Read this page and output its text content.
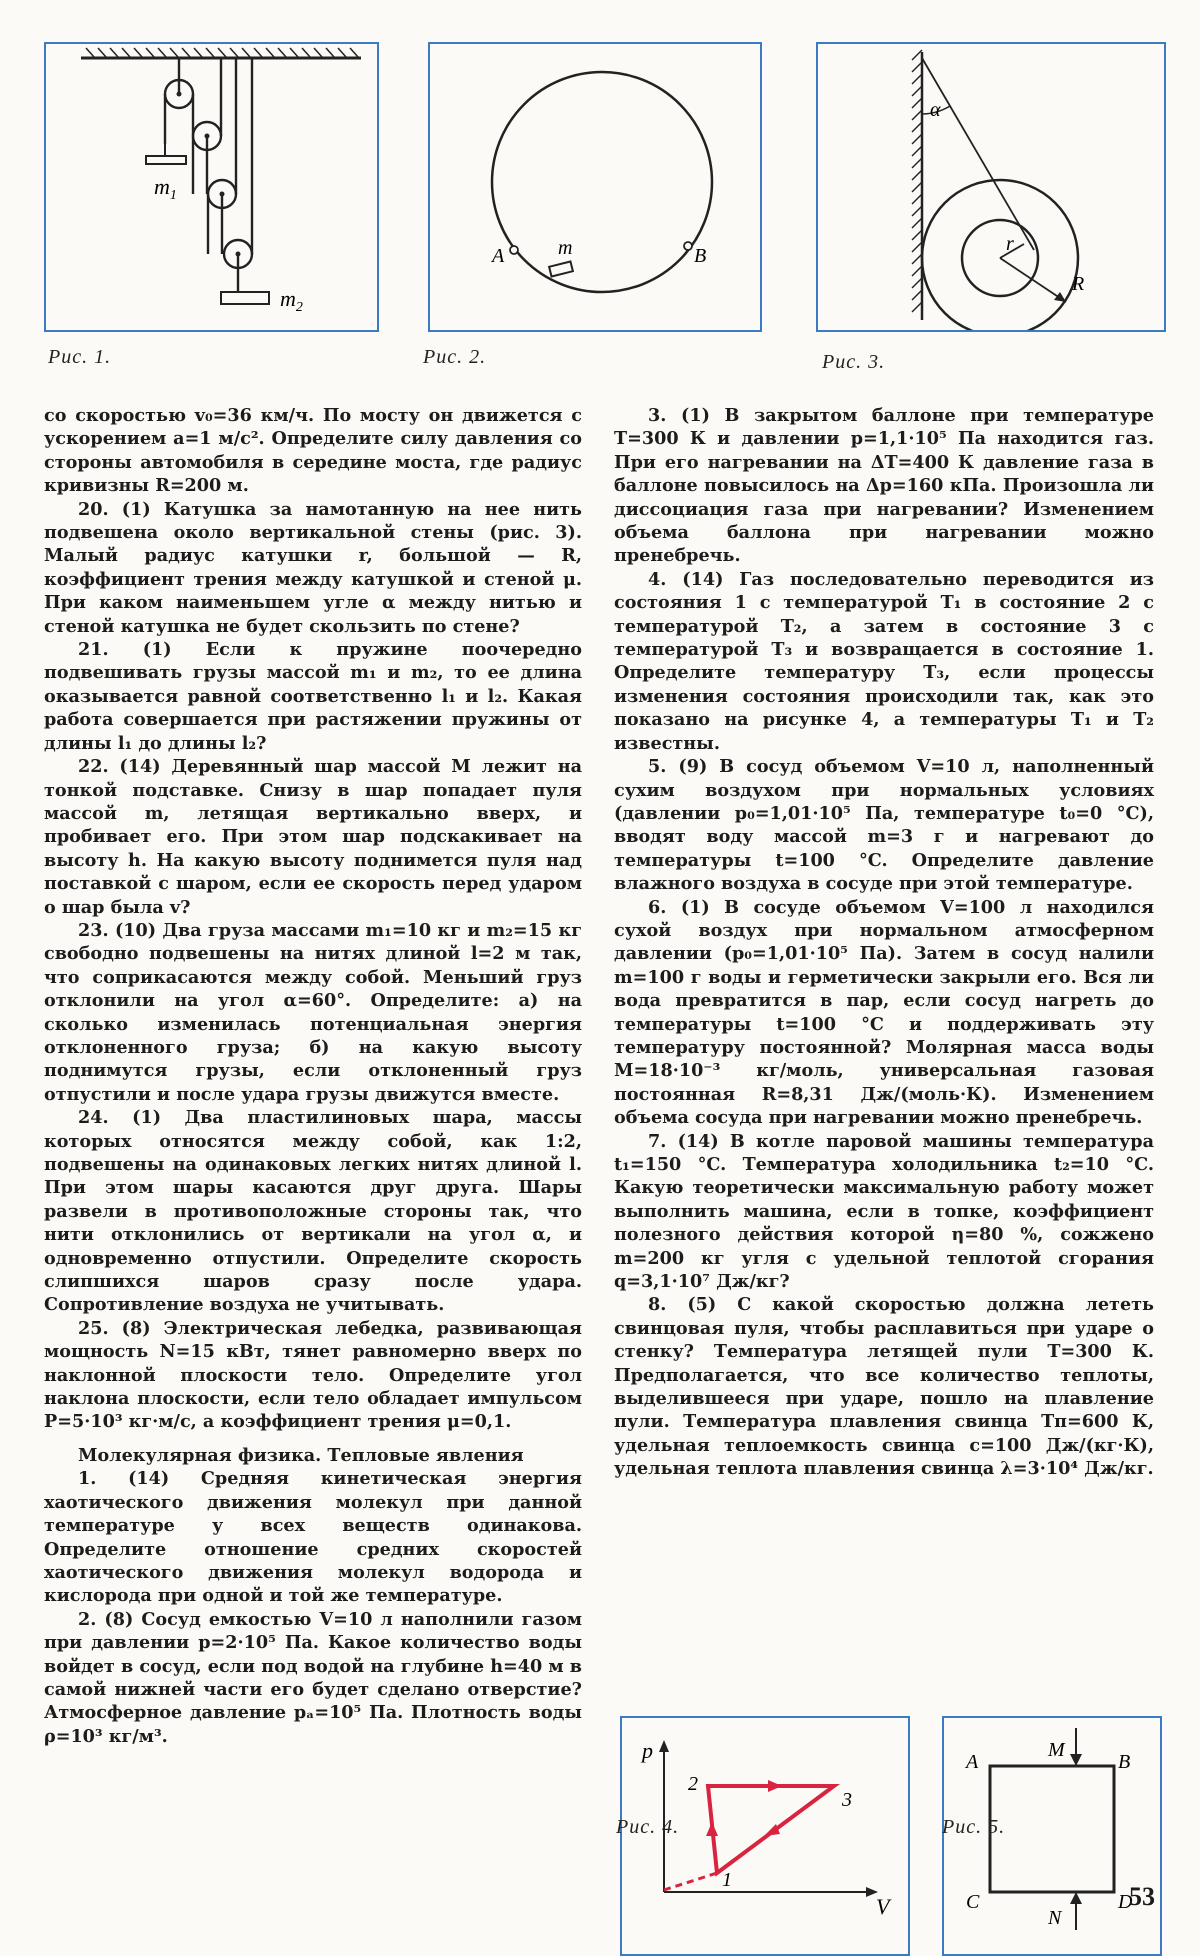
$m_1$
$m_2$
Рис. 1.
A	B
m
Рис. 2.
α
r
R
Рис. 3.

со скоростью v₀=36 км/ч. По мосту он движется с ускорением a=1 м/с². Определите силу давления со стороны автомобиля в середине моста, где радиус кривизны R=200 м.

20. (1) Катушка за намотанную на нее нить подвешена около вертикальной стены (рис. 3). Малый радиус катушки r, большой — R, коэффициент трения между катушкой и стеной μ. При каком наименьшем угле α между нитью и стеной катушка не будет скользить по стене?

21. (1) Если к пружине поочередно подвешивать грузы массой m₁ и m₂, то ее длина оказывается равной соответственно l₁ и l₂. Какая работа совершается при растяжении пружины от длины l₁ до длины l₂?

22. (14) Деревянный шар массой M лежит на тонкой подставке. Снизу в шар попадает пуля массой m, летящая вертикально вверх, и пробивает его. При этом шар подскакивает на высоту h. На какую высоту поднимется пуля над поставкой с шаром, если ее скорость перед ударом о шар была v?

23. (10) Два груза массами m₁=10 кг и m₂=15 кг свободно подвешены на нитях длиной l=2 м так, что соприкасаются между собой. Меньший груз отклонили на угол α=60°. Определите: а) на сколько изменилась потенциальная энергия отклоненного груза; б) на какую высоту поднимутся грузы, если отклоненный груз отпустили и после удара грузы движутся вместе.

24. (1) Два пластилиновых шара, массы которых относятся между собой, как 1:2, подвешены на одинаковых легких нитях длиной l. При этом шары касаются друг друга. Шары развели в противоположные стороны так, что нити отклонились от вертикали на угол α, и одновременно отпустили. Определите скорость слипшихся шаров сразу после удара. Сопротивление воздуха не учитывать.

25. (8) Электрическая лебедка, развивающая мощность N=15 кВт, тянет равномерно вверх по наклонной плоскости тело. Определите угол наклона плоскости, если тело обладает импульсом P=5·10³ кг·м/с, а коэффициент трения μ=0,1.

Молекулярная физика. Тепловые явления

1. (14) Средняя кинетическая энергия хаотического движения молекул при данной температуре у всех веществ одинакова. Определите отношение средних скоростей хаотического движения молекул водорода и кислорода при одной и той же температуре.

2. (8) Сосуд емкостью V=10 л наполнили газом при давлении p=2·10⁵ Па. Какое количество воды войдет в сосуд, если под водой на глубине h=40 м в самой нижней части его будет сделано отверстие? Атмосферное давление pₐ=10⁵ Па. Плотность воды ρ=10³ кг/м³.

3. (1) В закрытом баллоне при температуре T=300 К и давлении p=1,1·10⁵ Па находится газ. При его нагревании на ΔT=400 К давление газа в баллоне повысилось на Δp=160 кПа. Произошла ли диссоциация газа при нагревании? Изменением объема баллона при нагревании можно пренебречь.

4. (14) Газ последовательно переводится из состояния 1 с температурой T₁ в состояние 2 с температурой T₂, а затем в состояние 3 с температурой T₃ и возвращается в состояние 1. Определите температуру T₃, если процессы изменения состояния происходили так, как это показано на рисунке 4, а температуры T₁ и T₂ известны.

5. (9) В сосуд объемом V=10 л, наполненный сухим воздухом при нормальных условиях (давлении p₀=1,01·10⁵ Па, температуре t₀=0 °C), вводят воду массой m=3 г и нагревают до температуры t=100 °C. Определите давление влажного воздуха в сосуде при этой температуре.

6. (1) В сосуде объемом V=100 л находился сухой воздух при нормальном атмосферном давлении (p₀=1,01·10⁵ Па). Затем в сосуд налили m=100 г воды и герметически закрыли его. Вся ли вода превратится в пар, если сосуд нагреть до температуры t=100 °C и поддерживать эту температуру постоянной? Молярная масса воды M=18·10⁻³ кг/моль, универсальная газовая постоянная R=8,31 Дж/(моль·К). Изменением объема сосуда при нагревании можно пренебречь.

7. (14) В котле паровой машины температура t₁=150 °C. Температура холодильника t₂=10 °C. Какую теоретически максимальную работу может выполнить машина, если в топке, коэффициент полезного действия которой η=80 %, сожжено m=200 кг угля с удельной теплотой сгорания q=3,1·10⁷ Дж/кг?

8. (5) С какой скоростью должна лететь свинцовая пуля, чтобы расплавиться при ударе о стенку? Температура летящей пули T=300 К. Предполагается, что все количество теплоты, выделившееся при ударе, пошло на плавление пули. Температура плавления свинца Tп=600 К, удельная теплоемкость свинца c=100 Дж/(кг·К), удельная теплота плавления свинца λ=3·10⁴ Дж/кг.

p
V
1
2
3
Рис. 4.
A	B
C	D
M
N
Рис. 5.
53
